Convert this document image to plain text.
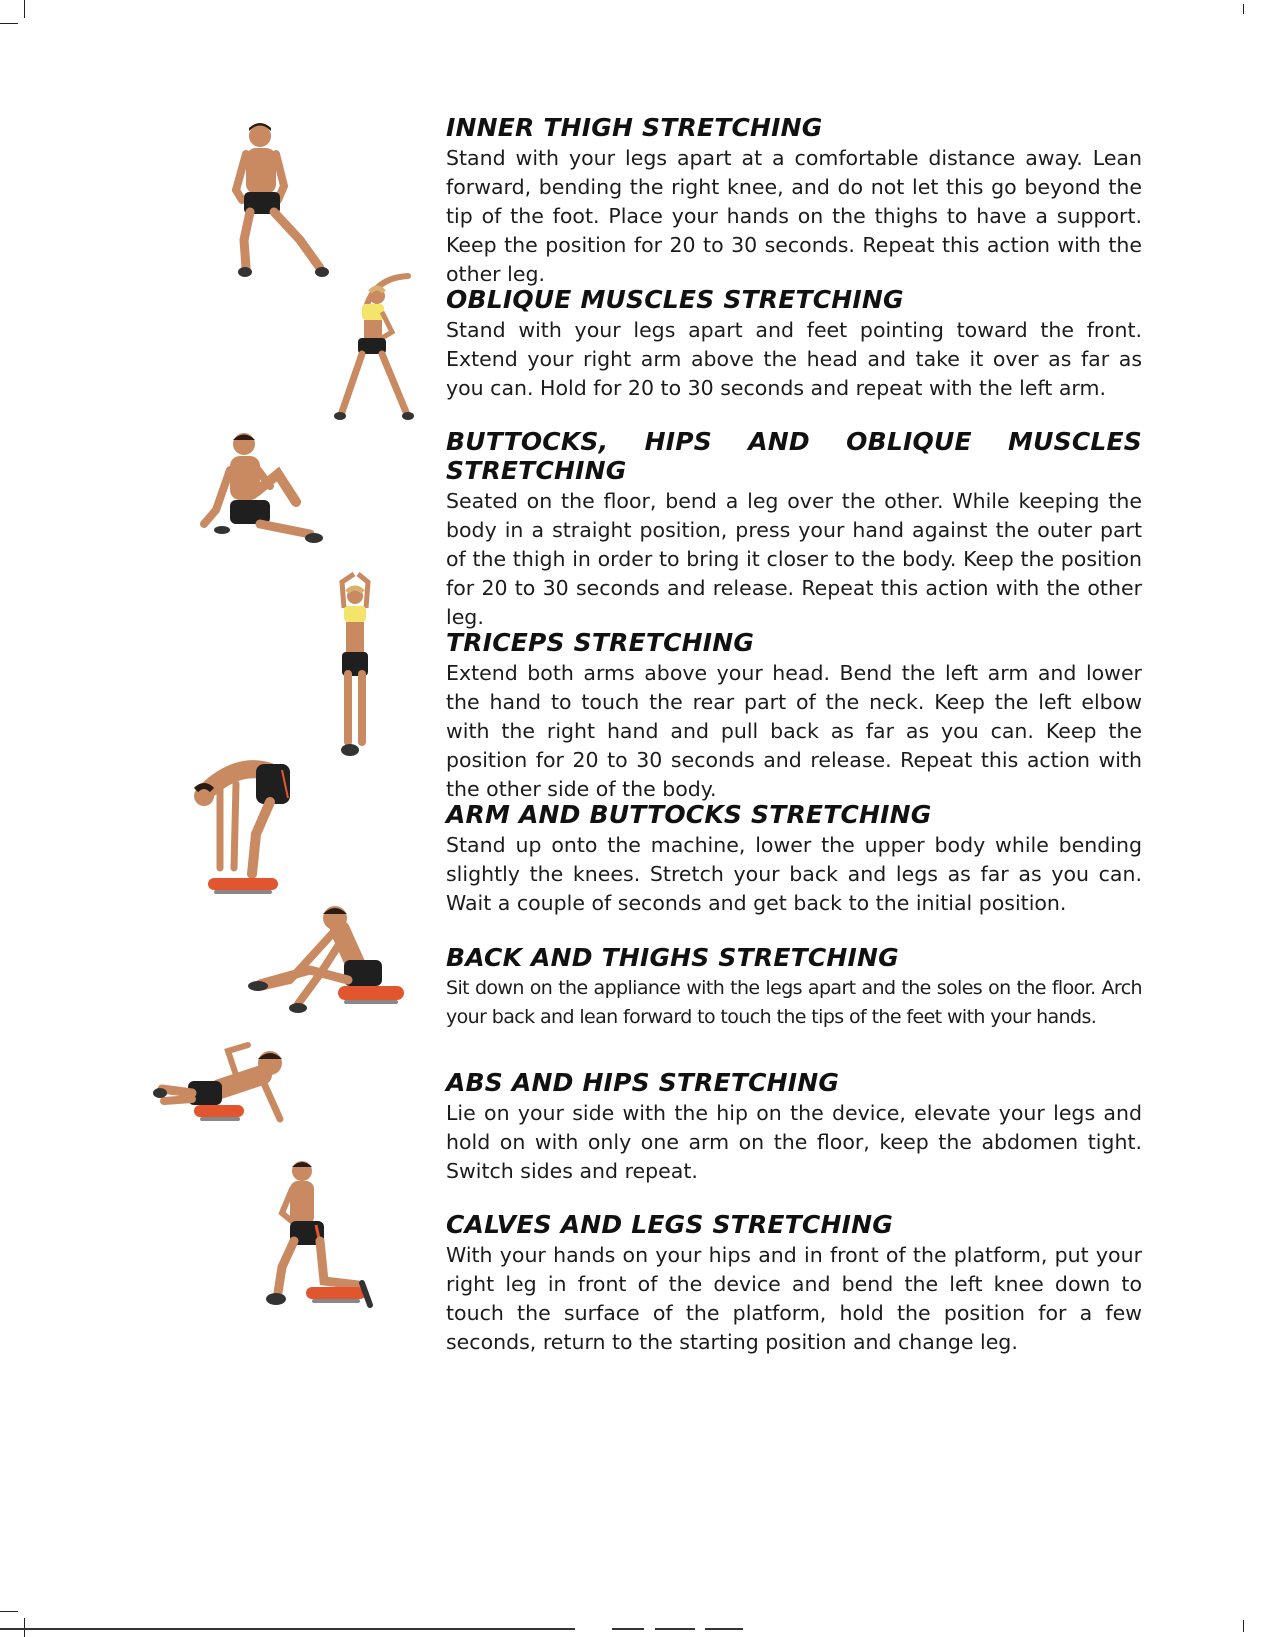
INNER THIGH STRETCHING

Stand with your legs apart at a comfortable distance away. Lean forward, bending the right knee, and do not let this go beyond the tip of the foot. Place your hands on the thighs to have a support. Keep the position for 20 to 30 seconds. Repeat this action with the other leg.

OBLIQUE MUSCLES STRETCHING

Stand with your legs apart and feet pointing toward the front. Extend your right arm above the head and take it over as far as you can. Hold for 20 to 30 seconds and repeat with the left arm.

BUTTOCKS, HIPS AND OBLIQUE MUSCLES STRETCHING

Seated on the floor, bend a leg over the other. While keeping the body in a straight position, press your hand against the outer part of the thigh in order to bring it closer to the body. Keep the position for 20 to 30 seconds and release. Repeat this action with the other leg.

TRICEPS STRETCHING

Extend both arms above your head. Bend the left arm and lower the hand to touch the rear part of the neck. Keep the left elbow with the right hand and pull back as far as you can. Keep the position for 20 to 30 seconds and release. Repeat this action with the other side of the body.

ARM AND BUTTOCKS STRETCHING

Stand up onto the machine, lower the upper body while bending slightly the knees. Stretch your back and legs as far as you can. Wait a couple of seconds and get back to the initial position.

BACK AND THIGHS STRETCHING

Sit down on the appliance with the legs apart and the soles on the floor. Arch your back and lean forward to touch the tips of the feet with your hands.

ABS AND HIPS STRETCHING

Lie on your side with the hip on the device, elevate your legs and hold on with only one arm on the floor, keep the abdomen tight. Switch sides and repeat.

CALVES AND LEGS STRETCHING

With your hands on your hips and in front of the platform, put your right leg in front of the device and bend the left knee down to touch the surface of the platform, hold the position for a few seconds, return to the starting position and change leg.
